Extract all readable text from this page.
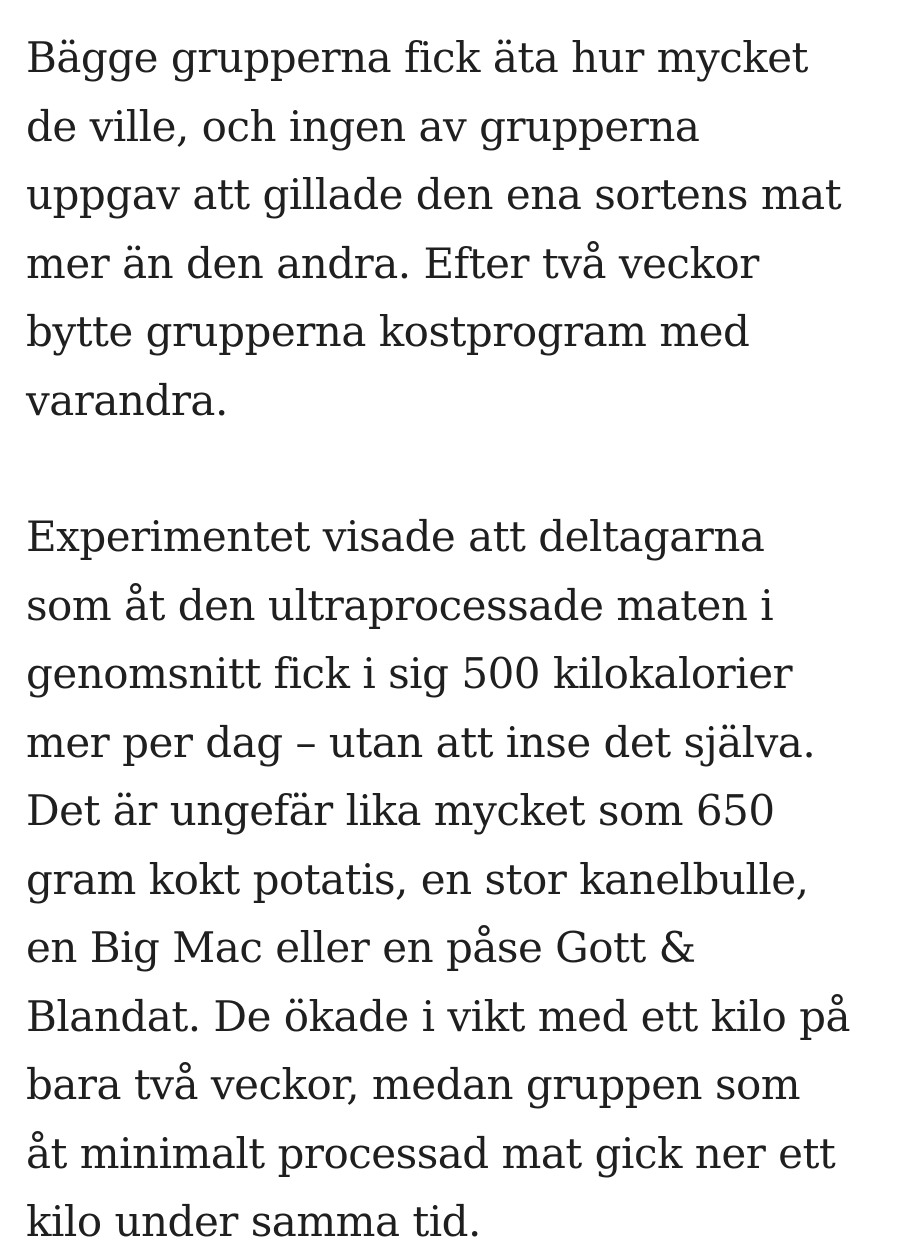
Bägge grupperna fick äta hur mycket
de ville, och ingen av grupperna
uppgav att gillade den ena sortens mat
mer än den andra. Efter två veckor
bytte grupperna kostprogram med
varandra.

Experimentet visade att deltagarna
som åt den ultraprocessade maten i
genomsnitt fick i sig 500 kilokalorier
mer per dag – utan att inse det själva.
Det är ungefär lika mycket som 650
gram kokt potatis, en stor kanelbulle,
en Big Mac eller en påse Gott &
Blandat. De ökade i vikt med ett kilo på
bara två veckor, medan gruppen som
åt minimalt processad mat gick ner ett
kilo under samma tid.
